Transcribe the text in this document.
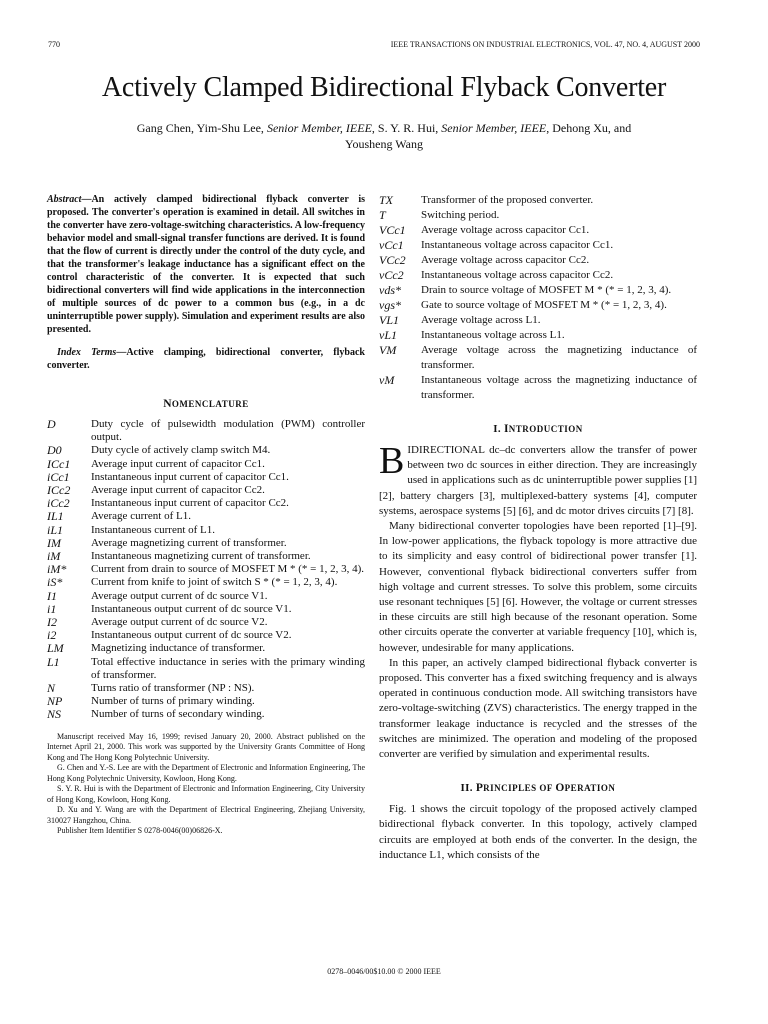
770	IEEE TRANSACTIONS ON INDUSTRIAL ELECTRONICS, VOL. 47, NO. 4, AUGUST 2000
Actively Clamped Bidirectional Flyback Converter
Gang Chen, Yim-Shu Lee, Senior Member, IEEE, S. Y. R. Hui, Senior Member, IEEE, Dehong Xu, and
Yousheng Wang

Abstract—An actively clamped bidirectional flyback converter is proposed. The converter's operation is examined in detail. All switches in the converter have zero-voltage-switching characteristics. A low-frequency behavior model and small-signal transfer functions are derived. It is found that the flow of current is directly under the control of the duty cycle, and that the transformer's leakage inductance has a significant effect on the control characteristic of the converter. It is expected that such bidirectional converters will find wide applications in the interconnection of multiple sources of dc power to a common bus (e.g., in a dc uninterruptible power supply). Simulation and experiment results are also presented.

Index Terms—Active clamping, bidirectional converter, flyback converter.

NOMENCLATURE
D	Duty cycle of pulsewidth modulation (PWM) controller output.
D0	Duty cycle of actively clamp switch M4.
ICc1	Average input current of capacitor Cc1.
iCc1	Instantaneous input current of capacitor Cc1.
ICc2	Average input current of capacitor Cc2.
iCc2	Instantaneous input current of capacitor Cc2.
IL1	Average current of L1.
iL1	Instantaneous current of L1.
IM	Average magnetizing current of transformer.
iM	Instantaneous magnetizing current of transformer.
iM*	Current from drain to source of MOSFET M * (* = 1, 2, 3, 4).
iS*	Current from knife to joint of switch S * (* = 1, 2, 3, 4).
I1	Average output current of dc source V1.
i1	Instantaneous output current of dc source V1.
I2	Average output current of dc source V2.
i2	Instantaneous output current of dc source V2.
LM	Magnetizing inductance of transformer.
L1	Total effective inductance in series with the primary winding of transformer.
N	Turns ratio of transformer (NP : NS).
NP	Number of turns of primary winding.
NS	Number of turns of secondary winding.

Manuscript received May 16, 1999; revised January 20, 2000. Abstract published on the Internet April 21, 2000. This work was supported by the University Grants Committee of Hong Kong and The Hong Kong Polytechnic University.

G. Chen and Y.-S. Lee are with the Department of Electronic and Information Engineering, The Hong Kong Polytechnic University, Kowloon, Hong Kong.

S. Y. R. Hui is with the Department of Electronic and Information Engineering, City University of Hong Kong, Kowloon, Hong Kong.

D. Xu and Y. Wang are with the Department of Electrical Engineering, Zhejiang University, 310027 Hangzhou, China.

Publisher Item Identifier S 0278-0046(00)06826-X.

TX	Transformer of the proposed converter.
T	Switching period.
VCc1	Average voltage across capacitor Cc1.
vCc1	Instantaneous voltage across capacitor Cc1.
VCc2	Average voltage across capacitor Cc2.
vCc2	Instantaneous voltage across capacitor Cc2.
vds*	Drain to source voltage of MOSFET M * (* = 1, 2, 3, 4).
vgs*	Gate to source voltage of MOSFET M * (* = 1, 2, 3, 4).
VL1	Average voltage across L1.
vL1	Instantaneous voltage across L1.
VM	Average voltage across the magnetizing inductance of transformer.
vM	Instantaneous voltage across the magnetizing inductance of transformer.
I. INTRODUCTION

BIDIRECTIONAL dc–dc converters allow the transfer of power between two dc sources in either direction. They are increasingly used in applications such as dc uninterruptible power supplies [1] [2], battery chargers [3], multiplexed-battery systems [4], computer systems, aerospace systems [5] [6], and dc motor drives circuits [7] [8].

Many bidirectional converter topologies have been reported [1]–[9]. In low-power applications, the flyback topology is more attractive due to its simplicity and easy control of bidirectional power transfer [1]. However, conventional flyback bidirectional converters suffer from high voltage and current stresses. To solve this problem, some circuits use resonant techniques [5] [6]. However, the voltage or current stresses in these circuits are still high because of the resonant operation. Some other circuits operate the converter at variable frequency [10], which is, however, undesirable for many applications.

In this paper, an actively clamped bidirectional flyback converter is proposed. This converter has a fixed switching frequency and is always operated in continuous conduction mode. All switching transistors have zero-voltage-switching (ZVS) characteristics. The energy trapped in the transformer leakage inductance is recycled and the stresses of the switches are minimized. The operation and modeling of the proposed converter are verified by simulation and experimental results.

II. PRINCIPLES OF OPERATION

Fig. 1 shows the circuit topology of the proposed actively clamped bidirectional flyback converter. In this topology, actively clamped circuits are employed at both ends of the converter. In the design, the inductance L1, which consists of the

0278–0046/00$10.00 © 2000 IEEE
